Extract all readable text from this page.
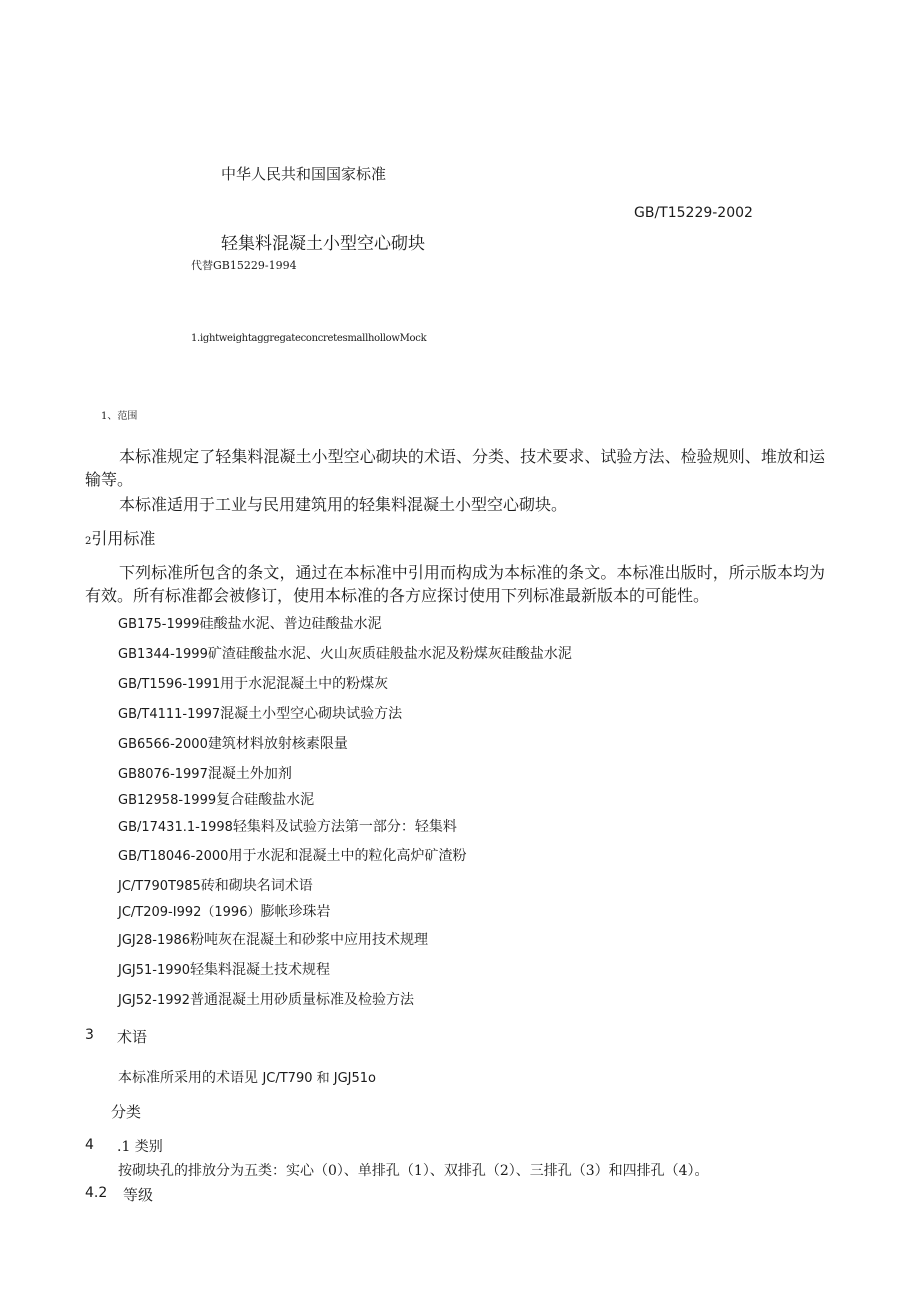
中华人民共和国国家标准
GB/T15229-2002
轻集料混凝土小型空心砌块
代替GB15229-1994
1.ightweightaggregateconcretesmallhollowMock
1、范围
本标准规定了轻集料混凝土小型空心砌块的术语、分类、技术要求、试验方法、检验规则、堆放和运输等。
本标准适用于工业与民用建筑用的轻集料混凝土小型空心砌块。
2引用标准
下列标准所包含的条文，通过在本标准中引用而构成为本标准的条文。本标准出版时，所示版本均为有效。所有标准都会被修订，使用本标准的各方应探讨使用下列标准最新版本的可能性。
GB175-1999硅酸盐水泥、普边硅酸盐水泥
GB1344-1999矿渣硅酸盐水泥、火山灰质硅般盐水泥及粉煤灰硅酸盐水泥
GB/T1596-1991用于水泥混凝土中的粉煤灰
GB/T4111-1997混凝土小型空心砌块试验方法
GB6566-2000建筑材料放射核素限量
GB8076-1997混凝土外加剂
GB12958-1999复合硅酸盐水泥
GB/17431.1-1998轻集料及试验方法第一部分：轻集料
GB/T18046-2000用于水泥和混凝土中的粒化高炉矿渣粉
JC/T790T985砖和砌块名词术语
JC/T209-I992（1996）膨帐珍珠岩
JGJ28-1986粉吨灰在混凝土和砂浆中应用技术规理
JGJ51-1990轻集料混凝土技术规程
JGJ52-1992普通混凝土用砂质量标准及检验方法
3 术语
本标准所采用的术语见 JC/T790 和 JGJ51o
分类
4 .1 类别
按砌块孔的排放分为五类：实心（0）、单排孔（1）、双排孔（2）、三排孔（3）和四排孔（4）。
4.2 等级
